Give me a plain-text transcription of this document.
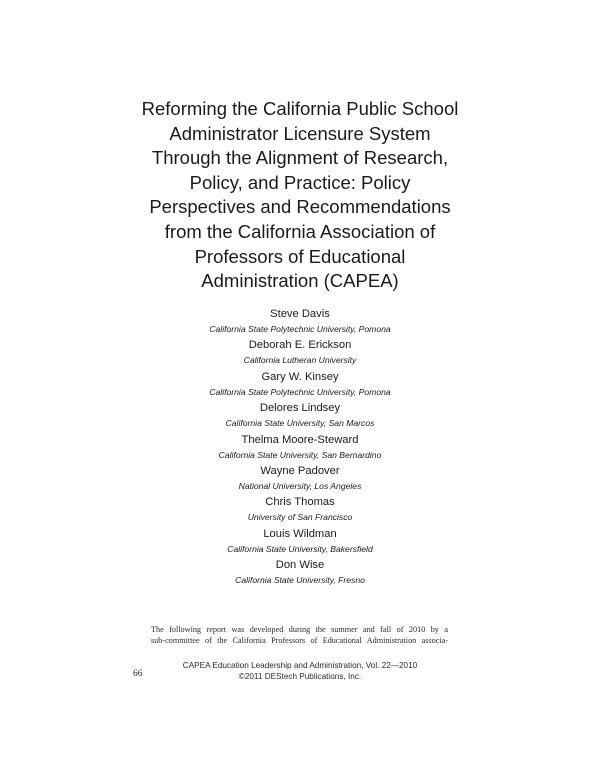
Reforming the California Public School
Administrator Licensure System
Through the Alignment of Research,
Policy, and Practice: Policy
Perspectives and Recommendations
from the California Association of
Professors of Educational
Administration (CAPEA)
Steve Davis
California State Polytechnic University, Pomona
Deborah E. Erickson
California Lutheran University
Gary W. Kinsey
California State Polytechnic University, Pomona
Delores Lindsey
California State University, San Marcos
Thelma Moore-Steward
California State University, San Bernardino
Wayne Padover
National University, Los Angeles
Chris Thomas
University of San Francisco
Louis Wildman
California State University, Bakersfield
Don Wise
California State University, Fresno
The following report was developed during the summer and fall of 2010 by a
sub-committee of the California Professors of Educational Administration associa-
CAPEA Education Leadership and Administration, Vol. 22—2010
©2011 DEStech Publications, Inc.
66
